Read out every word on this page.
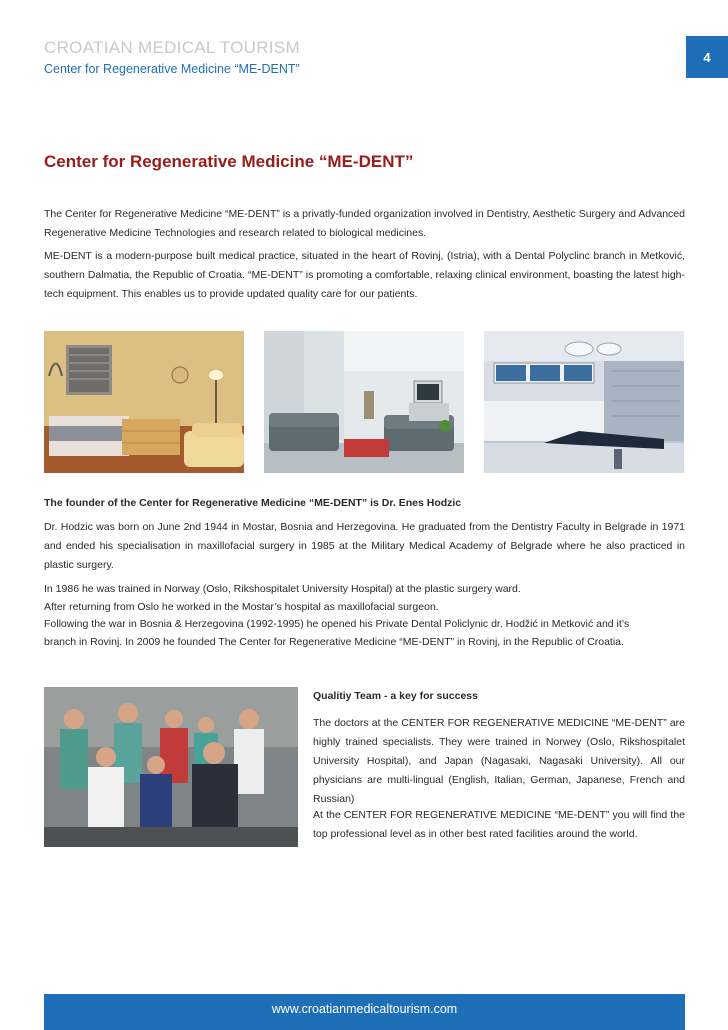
CROATIAN MEDICAL TOURISM
Center for Regenerative Medicine “ME-DENT”
4
Center for Regenerative Medicine “ME-DENT”

The Center for Regenerative Medicine “ME-DENT” is a privatly-funded organization involved in Dentistry, Aesthetic Surgery and Advanced Regenerative Medicine Technologies and research related to biological medicines.

ME-DENT is a modern-purpose built medical practice, situated in the heart of Rovinj, (Istria), with a Dental Polyclinc branch in Metković, southern Dalmatia, the Republic of Croatia. “ME-DENT” is promoting a comfortable, relaxing clinical environment, boasting the latest high-tech equipment. This enables us to provide updated quality care for our patients.

The founder of the Center for Regenerative Medicine “ME-DENT” is Dr. Enes Hodzic

Dr. Hodzic was born on June 2nd 1944 in Mostar, Bosnia and Herzegovina. He graduated from the Dentistry Faculty in Belgrade in 1971 and ended his specialisation in maxillofacial surgery in 1985 at the Military Medical Academy of Belgrade where he also practiced in plastic surgery.

In 1986 he was trained in Norway (Oslo, Rikshospitalet University Hospital) at the plastic surgery ward.
After returning from Oslo he worked in the Mostar’s hospital as maxillofacial surgeon.
Following the war in Bosnia & Herzegovina (1992-1995) he opened his Private Dental Policlynic dr. Hodžić in Metković and it’s
branch in Rovinj. In 2009 he founded The Center for Regenerative Medicine “ME-DENT” in Rovinj, in the Republic of Croatia.

Qualitiy Team - a key for success

The doctors at the CENTER FOR REGENERATIVE MEDICINE “ME-DENT” are highly trained specialists. They were trained in Norwey (Oslo, Rikshospitalet University Hospital), and Japan (Nagasaki, Nagasaki University). All our physicians are multi-lingual (English, Italian, German, Japanese, French and Russian)

At the CENTER FOR REGENERATIVE MEDICINE “ME-DENT” you will find the top professional level as in other best rated facilities around the world.

www.croatianmedicaltourism.com
